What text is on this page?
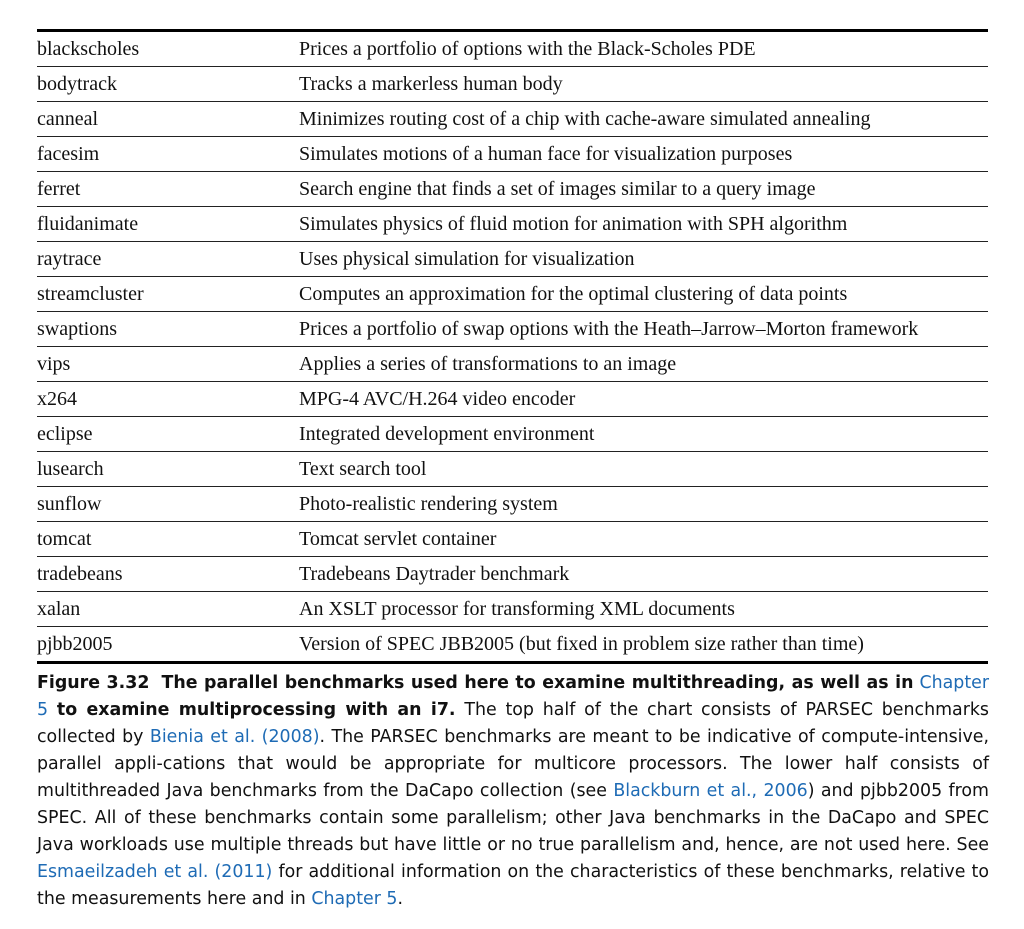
blackscholes	Prices a portfolio of options with the Black-Scholes PDE
bodytrack	Tracks a markerless human body
canneal	Minimizes routing cost of a chip with cache-aware simulated annealing
facesim	Simulates motions of a human face for visualization purposes
ferret	Search engine that finds a set of images similar to a query image
fluidanimate	Simulates physics of fluid motion for animation with SPH algorithm
raytrace	Uses physical simulation for visualization
streamcluster	Computes an approximation for the optimal clustering of data points
swaptions	Prices a portfolio of swap options with the Heath–Jarrow–Morton framework
vips	Applies a series of transformations to an image
x264	MPG-4 AVC/H.264 video encoder
eclipse	Integrated development environment
lusearch	Text search tool
sunflow	Photo-realistic rendering system
tomcat	Tomcat servlet container
tradebeans	Tradebeans Daytrader benchmark
xalan	An XSLT processor for transforming XML documents
pjbb2005	Version of SPEC JBB2005 (but fixed in problem size rather than time)
Figure 3.32 The parallel benchmarks used here to examine multithreading, as well as in Chapter 5 to examine multiprocessing with an i7. The top half of the chart consists of PARSEC benchmarks collected by Bienia et al. (2008). The PARSEC benchmarks are meant to be indicative of compute-intensive, parallel appli-cations that would be appropriate for multicore processors. The lower half consists of multithreaded Java benchmarks from the DaCapo collection (see Blackburn et al., 2006) and pjbb2005 from SPEC. All of these benchmarks contain some parallelism; other Java benchmarks in the DaCapo and SPEC Java workloads use multiple threads but have little or no true parallelism and, hence, are not used here. See Esmaeilzadeh et al. (2011) for additional information on the characteristics of these benchmarks, relative to the measurements here and in Chapter 5.
